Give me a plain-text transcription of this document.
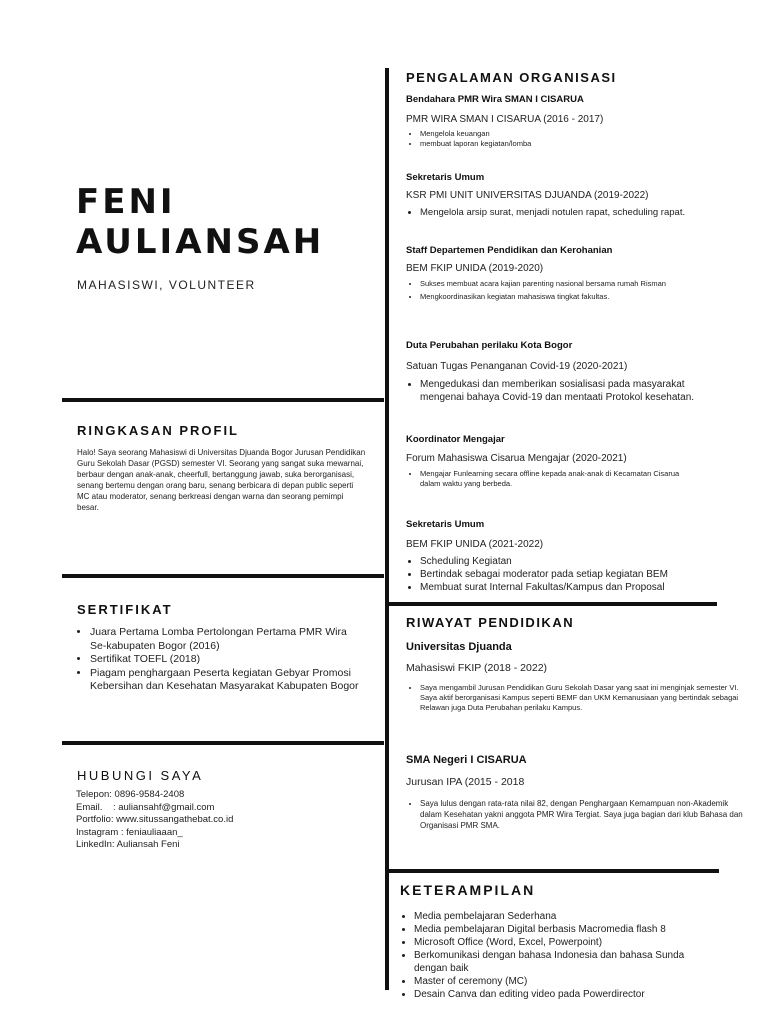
FENI
AULIANSAH
MAHASISWI, VOLUNTEER
RINGKASAN PROFIL
Halo! Saya seorang Mahasiswi di Universitas Djuanda Bogor Jurusan Pendidikan Guru Sekolah Dasar (PGSD) semester VI. Seorang yang sangat suka mewarnai, berbaur dengan anak-anak, cheerfull, bertanggung jawab, suka berorganisasi, senang bertemu dengan orang baru, senang berbicara di depan public seperti MC atau moderator, senang berkreasi dengan warna dan seorang pemimpi besar.
SERTIFIKAT
• Juara Pertama Lomba Pertolongan Pertama PMR Wira Se-kabupaten Bogor (2016)
• Sertifikat TOEFL (2018)
• Piagam penghargaan Peserta kegiatan Gebyar Promosi Kebersihan dan Kesehatan Masyarakat Kabupaten Bogor
HUBUNGI SAYA
Telepon: 0896-9584-2408
Email.    : auliansahf@gmail.com
Portfolio: www.situssangathebat.co.id
Instagram : feniauliaaan_
LinkedIn: Auliansah Feni
PENGALAMAN ORGANISASI
Bendahara PMR Wira SMAN I CISARUA
PMR WIRA SMAN I CISARUA (2016 - 2017)
• Mengelola keuangan
• membuat laporan kegiatan/lomba
Sekretaris Umum
KSR PMI UNIT UNIVERSITAS DJUANDA (2019-2022)
• Mengelola arsip surat, menjadi notulen rapat, scheduling rapat.
Staff Departemen Pendidikan dan Kerohanian
BEM FKIP UNIDA (2019-2020)
• Sukses membuat acara kajian parenting nasional bersama rumah Risman
• Mengkoordinasikan kegiatan mahasiswa tingkat fakultas.
Duta Perubahan perilaku Kota Bogor
Satuan Tugas Penanganan Covid-19 (2020-2021)
• Mengedukasi dan memberikan sosialisasi pada masyarakat mengenai bahaya Covid-19 dan mentaati Protokol kesehatan.
Koordinator Mengajar
Forum Mahasiswa Cisarua Mengajar (2020-2021)
• Mengajar Funlearning secara offline kepada anak-anak di Kecamatan Cisarua dalam waktu yang berbeda.
Sekretaris Umum
BEM FKIP UNIDA (2021-2022)
• Scheduling Kegiatan
• Bertindak sebagai moderator pada setiap kegiatan BEM
• Membuat surat Internal Fakultas/Kampus dan Proposal
RIWAYAT PENDIDIKAN
Universitas Djuanda
Mahasiswi FKIP (2018 - 2022)
• Saya mengambil Jurusan Pendidikan Guru Sekolah Dasar yang saat ini menginjak semester VI. Saya aktif berorganisasi Kampus seperti BEMF dan UKM Kemanusiaan yang bertindak sebagai Relawan juga Duta Perubahan perilaku Kampus.
SMA Negeri I CISARUA
Jurusan IPA (2015 - 2018
• Saya lulus dengan rata-rata nilai 82, dengan Penghargaan Kemampuan non-Akademik dalam Kesehatan yakni anggota PMR Wira Tergiat. Saya juga bagian dari klub Bahasa dan Organisasi PMR SMA.
KETERAMPILAN
• Media pembelajaran Sederhana
• Media pembelajaran Digital berbasis Macromedia flash 8
• Microsoft Office (Word, Excel, Powerpoint)
• Berkomunikasi dengan bahasa Indonesia dan bahasa Sunda dengan baik
• Master of ceremony (MC)
• Desain Canva dan editing video pada Powerdirector
